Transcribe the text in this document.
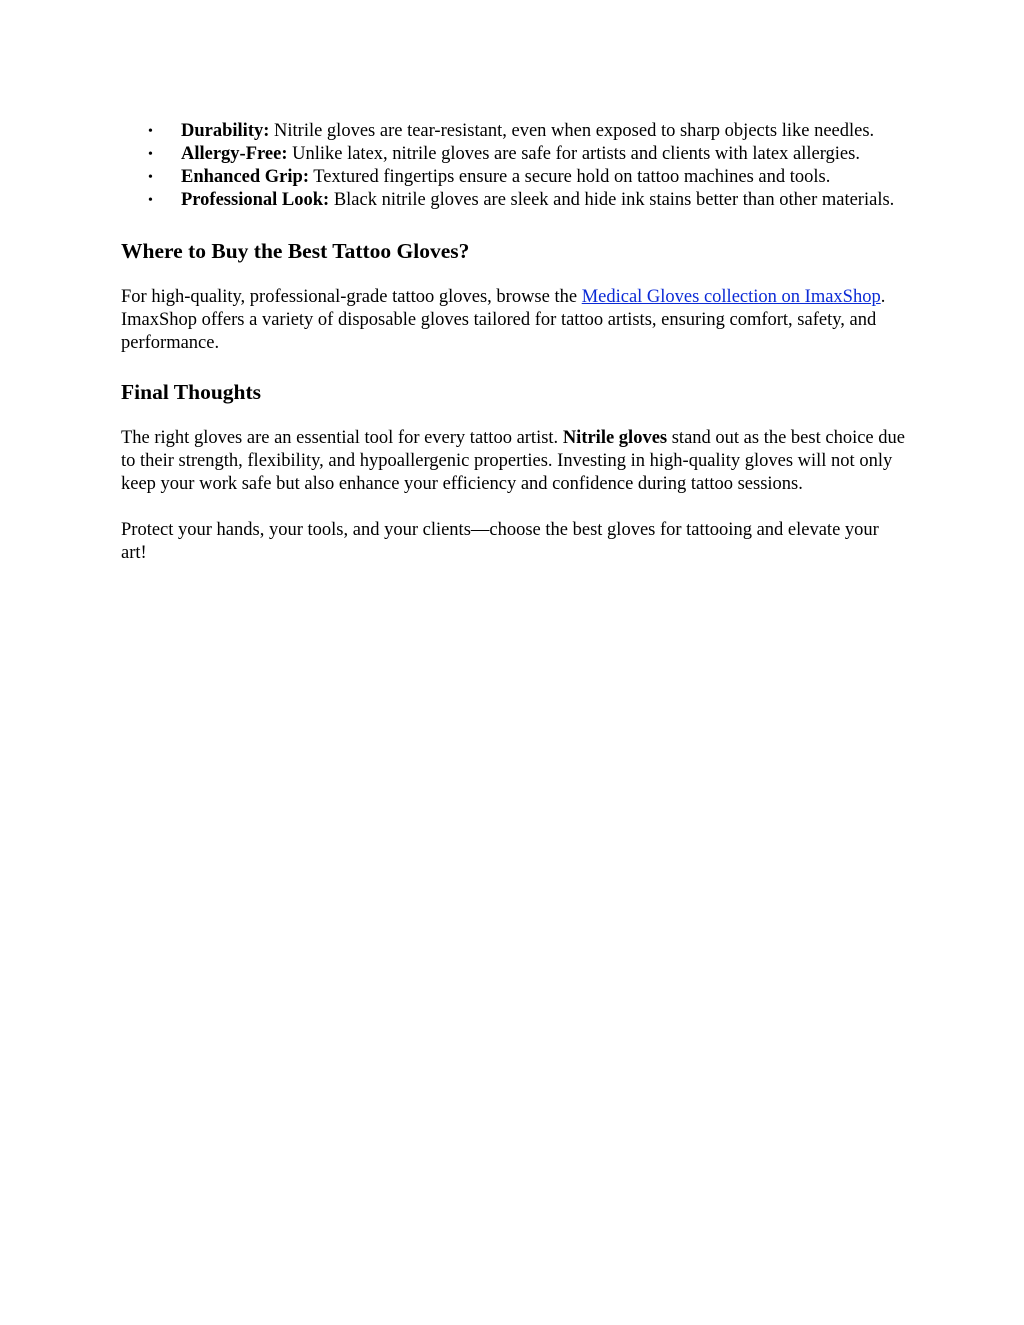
• Durability: Nitrile gloves are tear-resistant, even when exposed to sharp objects like needles.
• Allergy-Free: Unlike latex, nitrile gloves are safe for artists and clients with latex allergies.
• Enhanced Grip: Textured fingertips ensure a secure hold on tattoo machines and tools.
• Professional Look: Black nitrile gloves are sleek and hide ink stains better than other materials.
Where to Buy the Best Tattoo Gloves?

For high-quality, professional-grade tattoo gloves, browse the Medical Gloves collection on ImaxShop. ImaxShop offers a variety of disposable gloves tailored for tattoo artists, ensuring comfort, safety, and performance.

Final Thoughts

The right gloves are an essential tool for every tattoo artist. Nitrile gloves stand out as the best choice due to their strength, flexibility, and hypoallergenic properties. Investing in high-quality gloves will not only keep your work safe but also enhance your efficiency and confidence during tattoo sessions.

Protect your hands, your tools, and your clients—choose the best gloves for tattooing and elevate your art!
